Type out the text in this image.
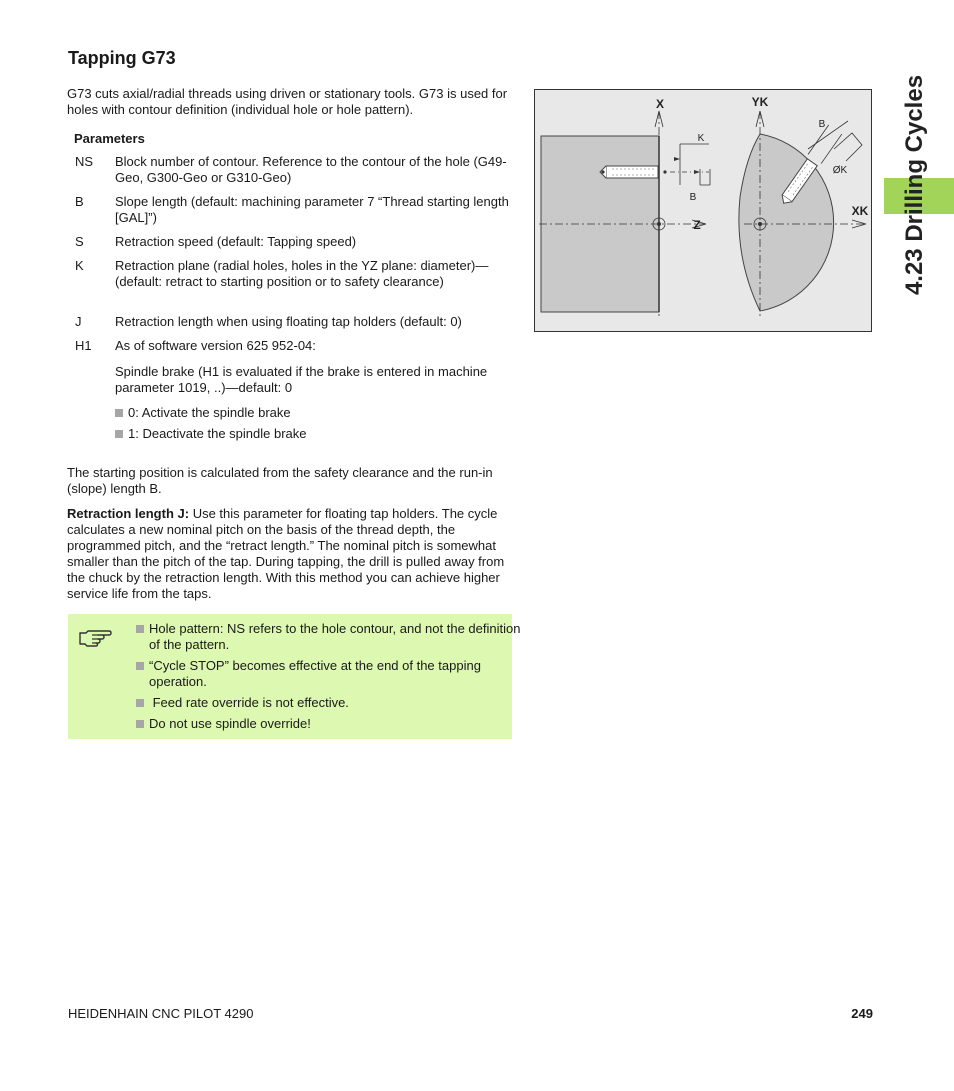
Tapping G73
G73 cuts axial/radial threads using driven or stationary tools. G73 is used for holes with contour definition (individual hole or hole pattern).
Parameters
NS	Block number of contour. Reference to the contour of the hole (G49-Geo, G300-Geo or G310-Geo)
B	Slope length (default: machining parameter 7 “Thread starting length [GAL]”)
S	Retraction speed (default: Tapping speed)
K	Retraction plane (radial holes, holes in the YZ plane: diameter)—(default: retract to starting position or to safety clearance)
J	Retraction length when using floating tap holders (default: 0)
H1	As of software version 625 952-04:
Spindle brake (H1 is evaluated if the brake is entered in machine parameter 1019, ..)—default: 0
0: Activate the spindle brake
1: Deactivate the spindle brake
The starting position is calculated from the safety clearance and the run-in (slope) length B.
Retraction length J: Use this parameter for floating tap holders. The cycle calculates a new nominal pitch on the basis of the thread depth, the programmed pitch, and the “retract length.” The nominal pitch is somewhat smaller than the pitch of the tap. During tapping, the drill is pulled away from the chuck by the retraction length. With this method you can achieve higher service life from the taps.
Hole pattern: NS refers to the hole contour, and not the definition of the pattern.
“Cycle STOP” becomes effective at the end of the tapping operation.
Feed rate override is not effective.
Do not use spindle override!
X	YK
Z
XK
K
B
B
ØK 4.23 Drilling Cycles
HEIDENHAIN CNC PILOT 4290	249
